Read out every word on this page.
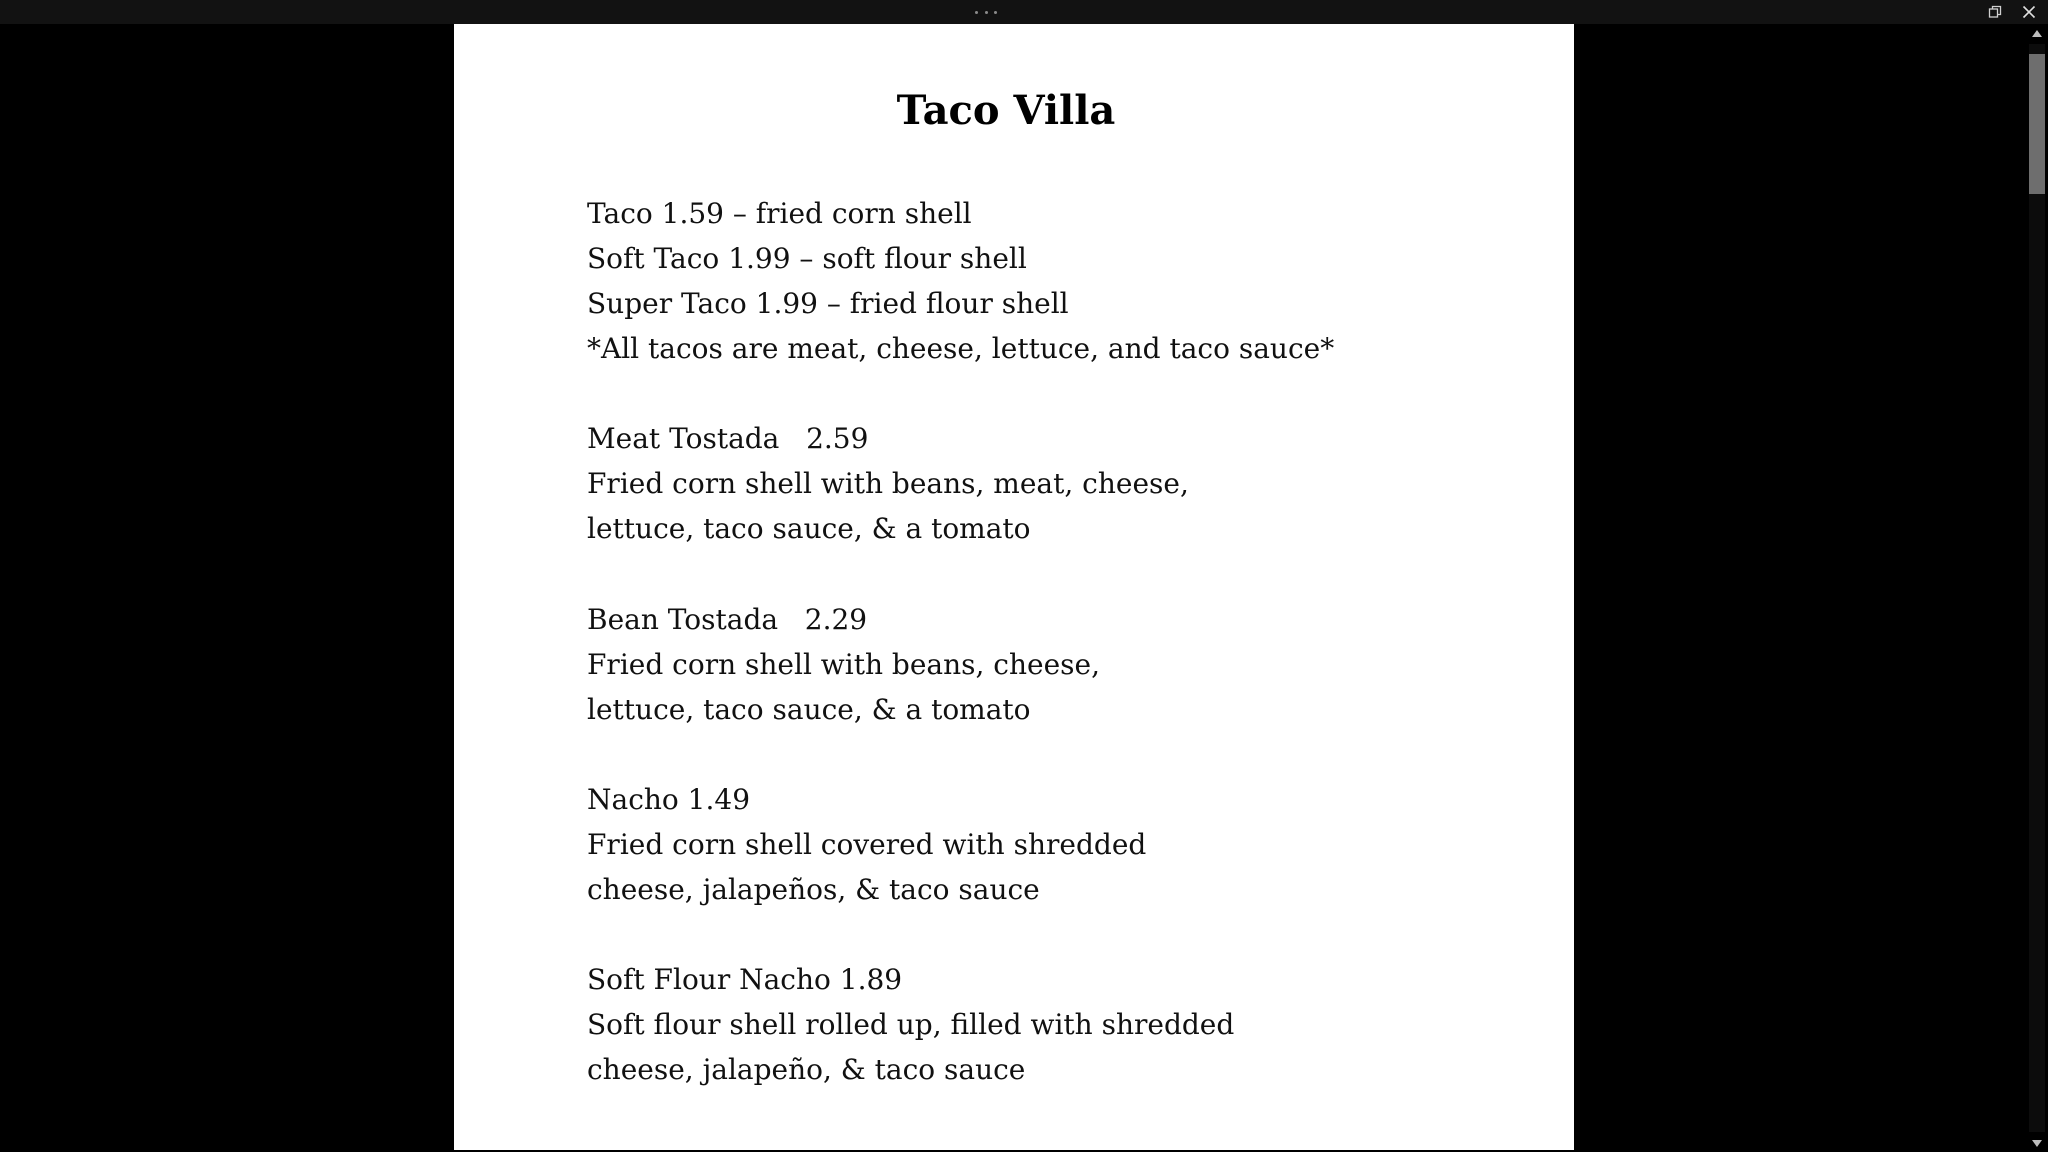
Taco Villa
Taco 1.59 – fried corn shell
Soft Taco 1.99 – soft flour shell
Super Taco 1.99 – fried flour shell
*All tacos are meat, cheese, lettuce, and taco sauce*
Meat Tostada   2.59
Fried corn shell with beans, meat, cheese,
lettuce, taco sauce, & a tomato
Bean Tostada   2.29
Fried corn shell with beans, cheese,
lettuce, taco sauce, & a tomato
Nacho 1.49
Fried corn shell covered with shredded
cheese, jalapeños, & taco sauce
Soft Flour Nacho 1.89
Soft flour shell rolled up, filled with shredded
cheese, jalapeño, & taco sauce
